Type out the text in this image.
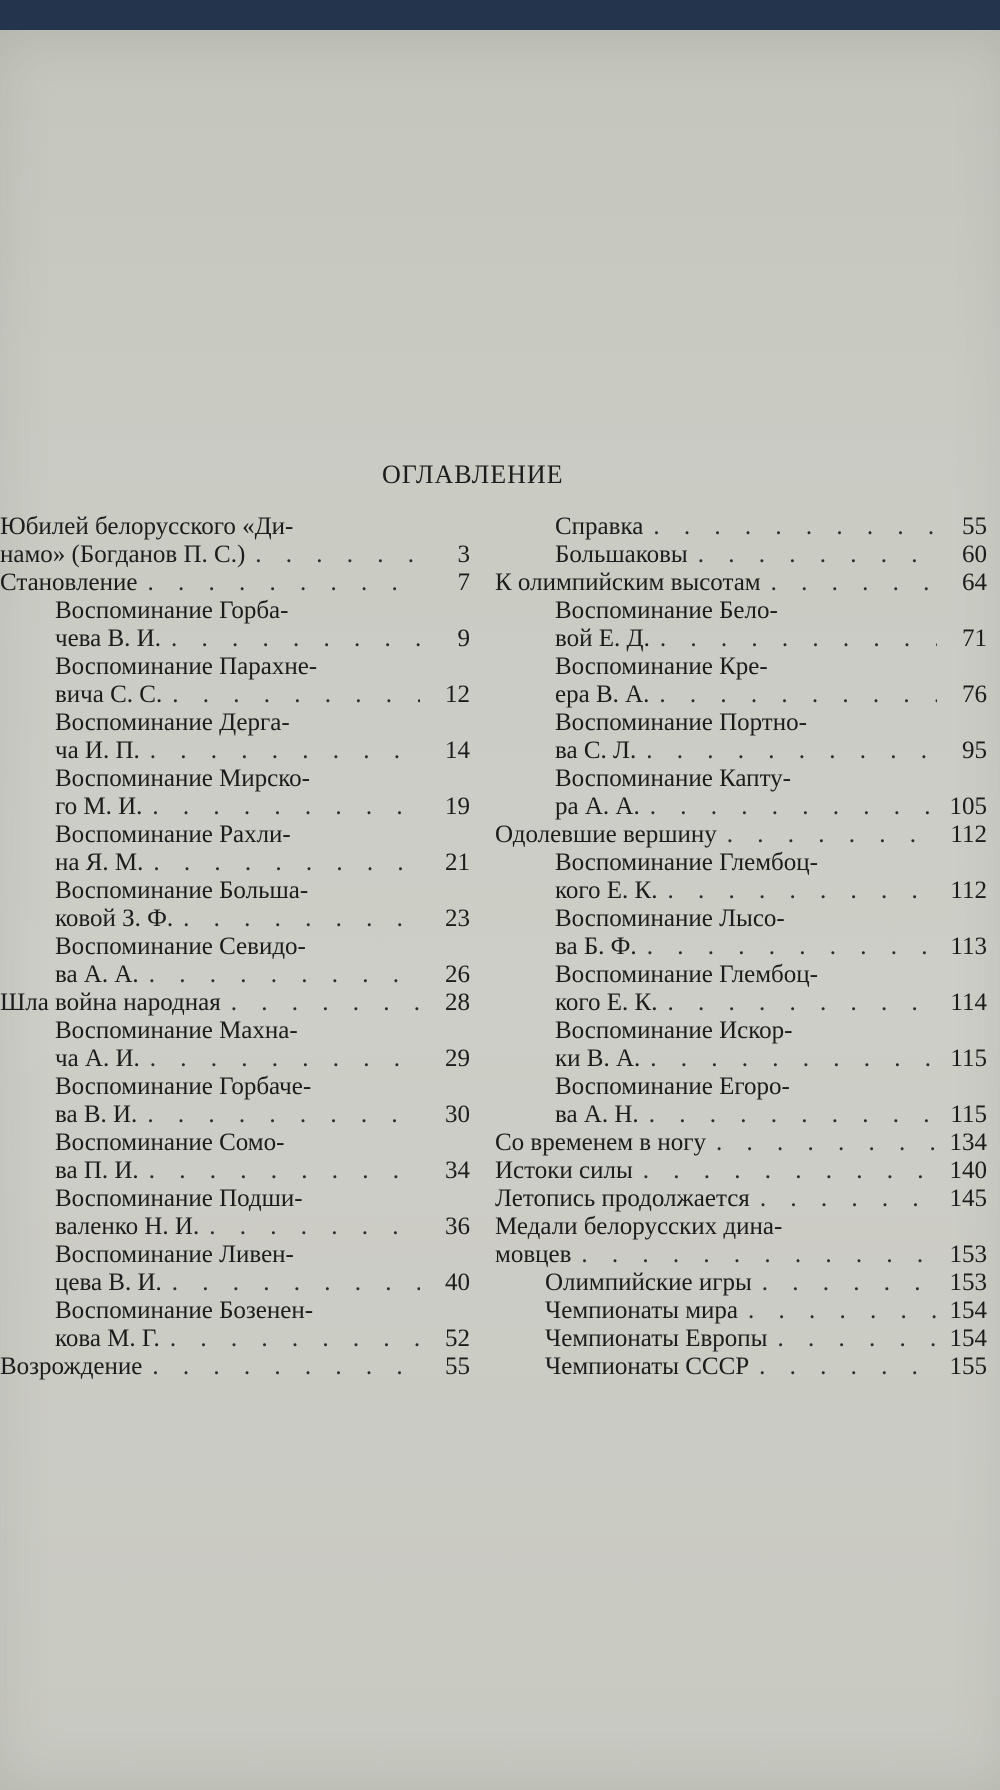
ОГЛАВЛЕНИЕ
Юбилей белорусского «Ди-
намо» (Богданов П. С.) . . .	3
Становление . . .	7
Воспоминание Горба-
чева В. И. . . .	9
Воспоминание Парахне-
вича С. С. . . .	12
Воспоминание Дерга-
ча И. П. . . .	14
Воспоминание Мирско-
го М. И. . . .	19
Воспоминание Рахли-
на Я. М. . . .	21
Воспоминание Больша-
ковой З. Ф. . . .	23
Воспоминание Севидо-
ва А. А. . . .	26
Шла война народная . . .	28
Воспоминание Махна-
ча А. И. . . .	29
Воспоминание Горбаче-
ва В. И. . . .	30
Воспоминание Сомо-
ва П. И. . . .	34
Воспоминание Подши-
валенко Н. И. . . .	36
Воспоминание Ливен-
цева В. И. . . .	40
Воспоминание Бозенен-
кова М. Г. . . .	52
Возрождение . . .	55
Справка . . .	55
Большаковы . . .	60
К олимпийским высотам . . .	64
Воспоминание Бело-
вой Е. Д. . . .	71
Воспоминание Кре-
ера В. А. . . .	76
Воспоминание Портно-
ва С. Л. . . .	95
Воспоминание Капту-
ра А. А. . . .	105
Одолевшие вершину . . .	112
Воспоминание Глембоц-
кого Е. К. . . .	112
Воспоминание Лысо-
ва Б. Ф. . . .	113
Воспоминание Глембоц-
кого Е. К. . . .	114
Воспоминание Искор-
ки В. А. . . .	115
Воспоминание Егоро-
ва А. Н. . . .	115
Со временем в ногу . . .	134
Истоки силы . . .	140
Летопись продолжается . . .	145
Медали белорусских дина-
мовцев . . .	153
Олимпийские игры . . .	153
Чемпионаты мира . . .	154
Чемпионаты Европы . . .	154
Чемпионаты СССР . . .	155
